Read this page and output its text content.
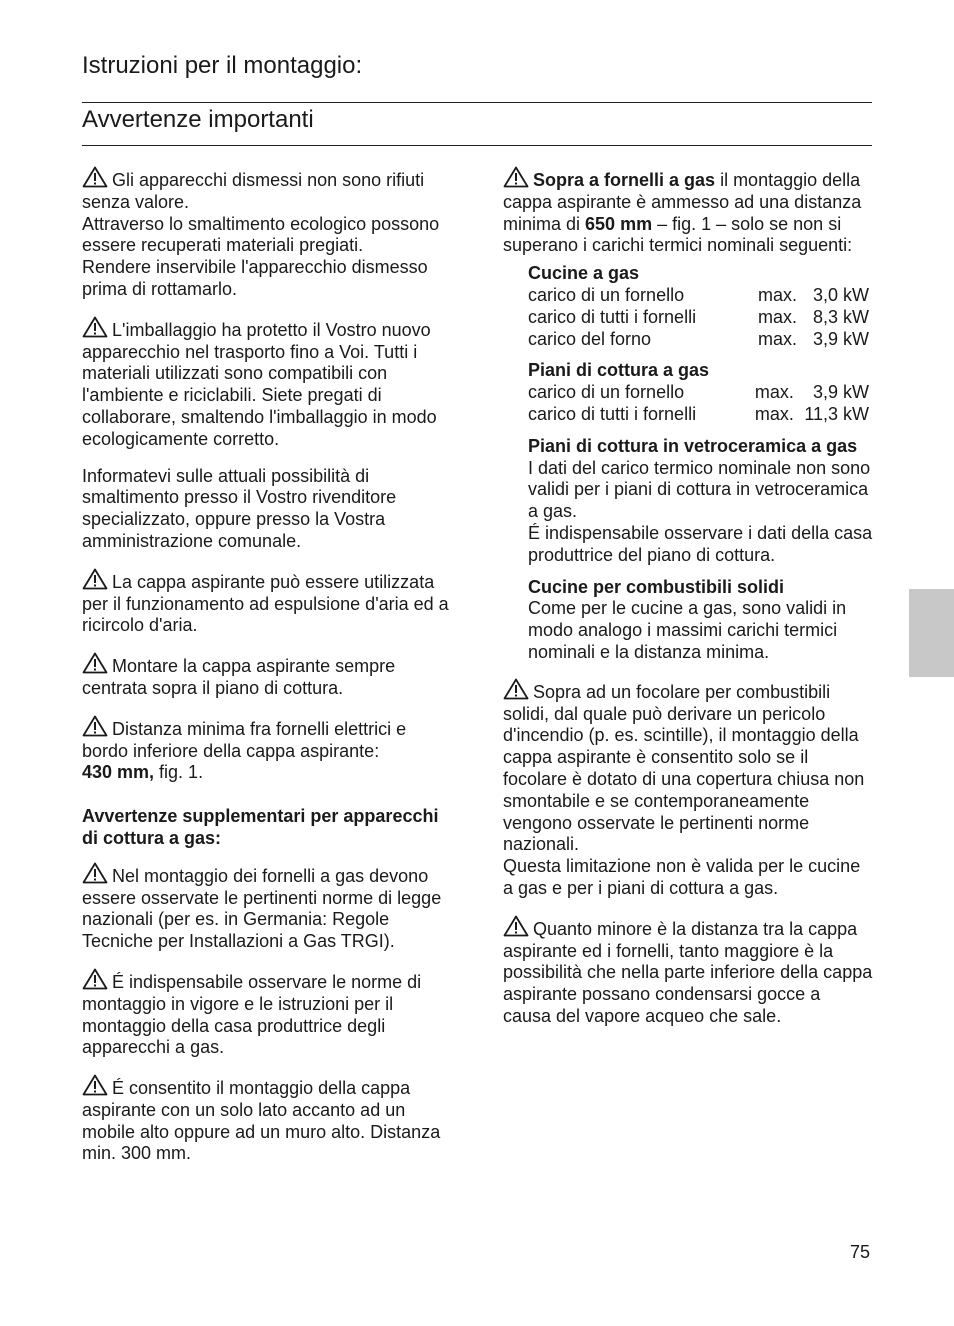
Istruzioni per il montaggio:
Avvertenze importanti

Gli apparecchi dismessi non sono rifiuti senza valore.
Attraverso lo smaltimento ecologico possono essere recuperati materiali pregiati.
Rendere inservibile l'apparecchio dismesso prima di rottamarlo.

L'imballaggio ha protetto il Vostro nuovo apparecchio nel trasporto fino a Voi. Tutti i materiali utilizzati sono compatibili con l'ambiente e riciclabili. Siete pregati di collaborare, smaltendo l'imballaggio in modo ecologicamente corretto.

Informatevi sulle attuali possibilità di smaltimento presso il Vostro rivenditore specializzato, oppure presso la Vostra amministrazione comunale.

La cappa aspirante può essere utilizzata per il funzionamento ad espulsione d'aria ed a ricircolo d'aria.

Montare la cappa aspirante sempre centrata sopra il piano di cottura.

Distanza minima fra fornelli elettrici e bordo inferiore della cappa aspirante:
430 mm, fig. 1.

Avvertenze supplementari per apparecchi di cottura a gas:

Nel montaggio dei fornelli a gas devono essere osservate le pertinenti norme di legge nazionali (per es. in Germania: Regole Tecniche per Installazioni a Gas TRGI).

É indispensabile osservare le norme di montaggio in vigore e le istruzioni per il montaggio della casa produttrice degli apparecchi a gas.

É consentito il montaggio della cappa aspirante con un solo lato accanto ad un mobile alto oppure ad un muro alto. Distanza min. 300 mm.

Sopra a fornelli a gas il montaggio della cappa aspirante è ammesso ad una distanza minima di 650 mm – fig. 1 – solo se non si superano i carichi termici nominali seguenti:

Cucine a gas
carico di un fornello	max.	3,0 kW
carico di tutti i fornelli	max.	8,3 kW
carico del forno	max.	3,9 kW
Piani di cottura a gas
carico di un fornello	max.	3,9 kW
carico di tutti i fornelli	max.	11,3 kW
Piani di cottura in vetroceramica a gas
I dati del carico termico nominale non sono validi per i piani di cottura in vetroceramica a gas.
É indispensabile osservare i dati della casa produttrice del piano di cottura.
Cucine per combustibili solidi
Come per le cucine a gas, sono validi in modo analogo i massimi carichi termici nominali e la distanza minima.

Sopra ad un focolare per combustibili solidi, dal quale può derivare un pericolo d'incendio (p. es. scintille), il montaggio della cappa aspirante è consentito solo se il focolare è dotato di una copertura chiusa non smontabile e se contemporaneamente vengono osservate le pertinenti norme nazionali.
Questa limitazione non è valida per le cucine a gas e per i piani di cottura a gas.

Quanto minore è la distanza tra la cappa aspirante ed i fornelli, tanto maggiore è la possibilità che nella parte inferiore della cappa aspirante possano condensarsi gocce a causa del vapore acqueo che sale.

75
